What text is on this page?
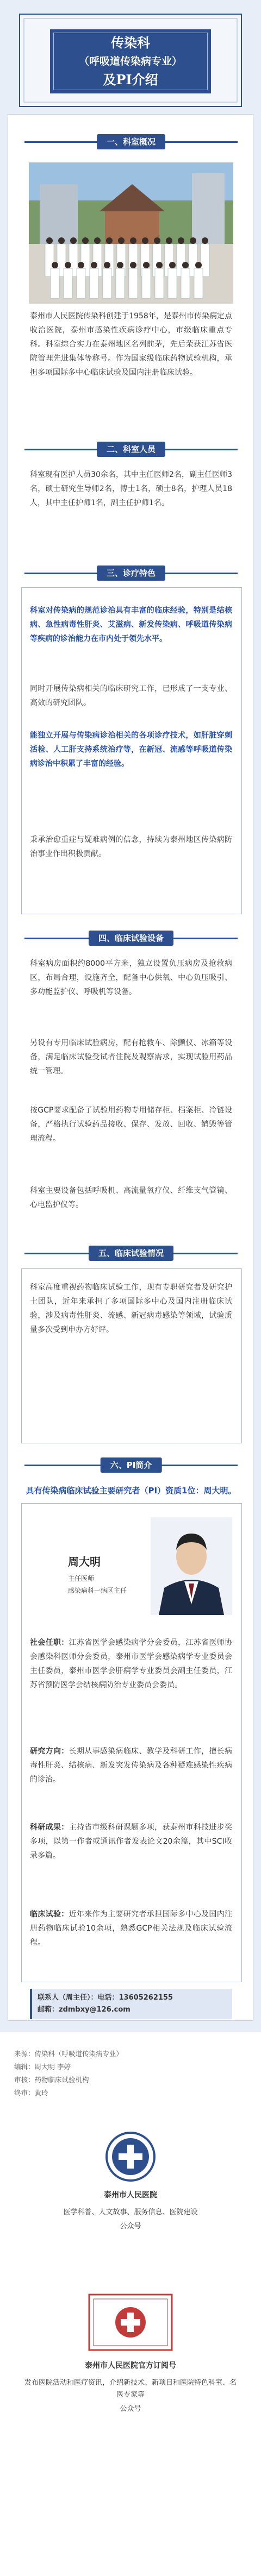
传染科
（呼吸道传染病专业）
及PI介绍
一、科室概况
泰州市人民医院传染科创建于1958年，是泰州市传染病定点收治医院，泰州市感染性疾病诊疗中心，市级临床重点专科。科室综合实力在泰州地区名列前茅，先后荣获江苏省医院管理先进集体等称号。作为国家级临床药物试验机构，承担多项国际多中心临床试验及国内注册临床试验。
二、科室人员
科室现有医护人员30余名，其中主任医师2名，副主任医师3名，硕士研究生导师2名，博士1名，硕士8名，护理人员18人，其中主任护师1名，副主任护师1名。
三、诊疗特色
科室对传染病的规范诊治具有丰富的临床经验，特别是结核病、急性病毒性肝炎、艾滋病、新发传染病、呼吸道传染病等疾病的诊治能力在市内处于领先水平。
同时开展传染病相关的临床研究工作，已形成了一支专业、高效的研究团队。
能独立开展与传染病诊治相关的各项诊疗技术，如肝脏穿刺活检、人工肝支持系统治疗等，在新冠、流感等呼吸道传染病诊治中积累了丰富的经验。
秉承治愈重症与疑难病例的信念，持续为泰州地区传染病防治事业作出积极贡献。
四、临床试验设备
科室病房面积约8000平方米，独立设置负压病房及抢救病区，布局合理，设施齐全，配备中心供氧、中心负压吸引、多功能监护仪、呼吸机等设备。
另设有专用临床试验病房，配有抢救车、除颤仪、冰箱等设备，满足临床试验受试者住院及观察需求，实现试验用药品统一管理。
按GCP要求配备了试验用药物专用储存柜、档案柜、冷链设备，严格执行试验药品接收、保存、发放、回收、销毁等管理流程。
科室主要设备包括呼吸机、高流量氧疗仪、纤维支气管镜、心电监护仪等。
五、临床试验情况
科室高度重视药物临床试验工作，现有专职研究者及研究护士团队，近年来承担了多项国际多中心及国内注册临床试验，涉及病毒性肝炎、流感、新冠病毒感染等领域，试验质量多次受到申办方好评。
六、PI简介
具有传染病临床试验主要研究者（PI）资质1位：周大明。
周大明
主任医师
感染病科一病区主任
社会任职：江苏省医学会感染病学分会委员，江苏省医师协会感染科医师分会委员，泰州市医学会感染病学专业委员会主任委员，泰州市医学会肝病学专业委员会副主任委员，江苏省预防医学会结核病防治专业委员会委员。
研究方向：长期从事感染病临床、教学及科研工作，擅长病毒性肝炎、结核病、新发突发传染病及各种疑难感染性疾病的诊治。
科研成果：主持省市级科研课题多项，获泰州市科技进步奖多项，以第一作者或通讯作者发表论文20余篇，其中SCI收录多篇。
临床试验：近年来作为主要研究者承担国际多中心及国内注册药物临床试验10余项，熟悉GCP相关法规及临床试验流程。
联系人（周主任）：电话：13605262155
邮箱：zdmbxy@126.com
来源：传染科（呼吸道传染病专业）
编辑：周大明 李婷
审核：药物临床试验机构
终审：黄玲
泰州市人民医院
医学科普、人文故事、服务信息、医院建设
公众号
泰州市人民医院官方订阅号
发布医院活动和医疗资讯，介绍新技术、新项目和医院特色科室、名医专家等
公众号
